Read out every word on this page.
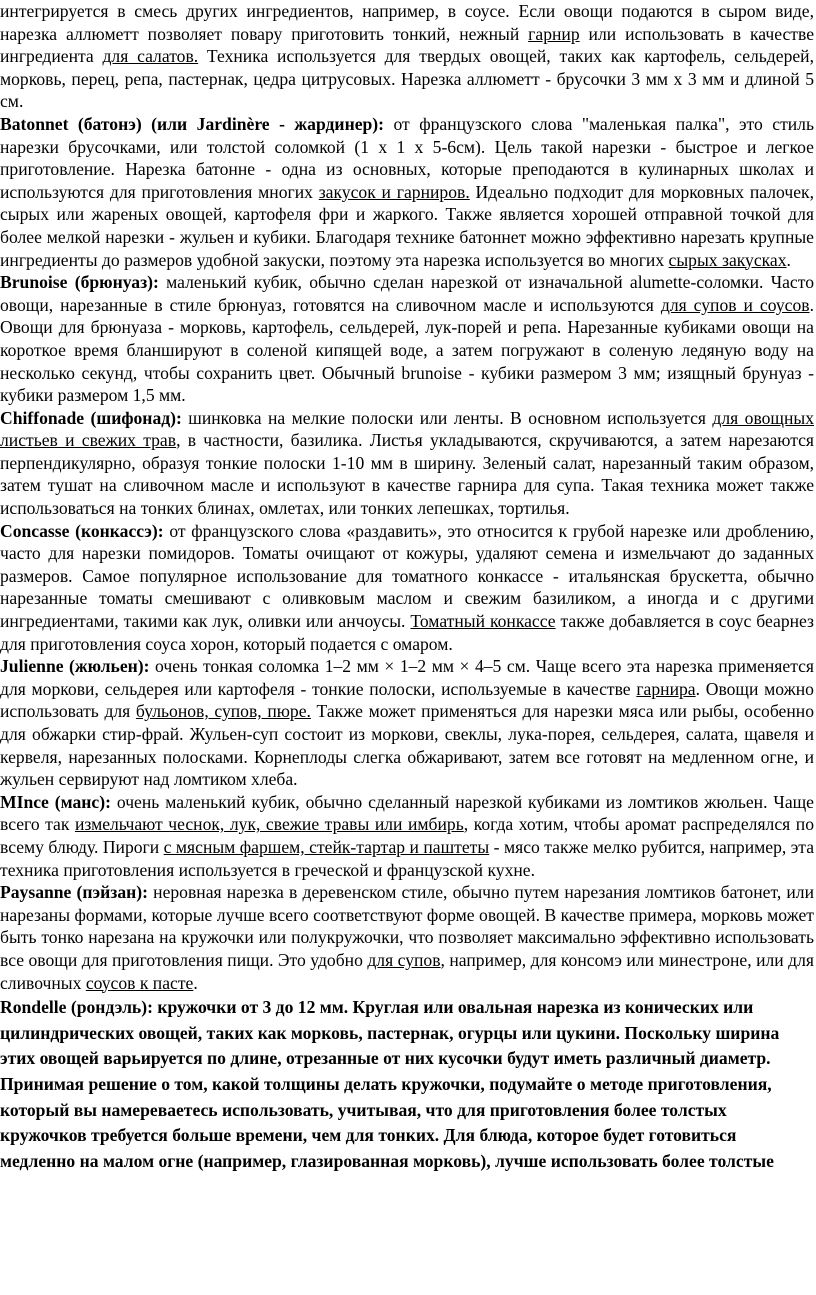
интегрируется в смесь других ингредиентов, например, в соусе. Если овощи подаются в сыром виде, нарезка аллюметт позволяет повару приготовить тонкий, нежный гарнир или использовать в качестве ингредиента для салатов. Техника используется для твердых овощей, таких как картофель, сельдерей, морковь, перец, репа, пастернак, цедра цитрусовых. Нарезка аллюметт - брусочки 3 мм х 3 мм и длиной 5 см.

Batonnet (батонэ) (или Jardinère - жардинер): от французского слова "маленькая палка", это стиль нарезки брусочками, или толстой соломкой (1 х 1 х 5-6см). Цель такой нарезки - быстрое и легкое приготовление. Нарезка батонне - одна из основных, которые преподаются в кулинарных школах и используются для приготовления многих закусок и гарниров. Идеально подходит для морковных палочек, сырых или жареных овощей, картофеля фри и жаркого. Также является хорошей отправной точкой для более мелкой нарезки - жульен и кубики. Благодаря технике батоннет можно эффективно нарезать крупные ингредиенты до размеров удобной закуски, поэтому эта нарезка используется во многих сырых закусках.

Brunoise (брюнуаз): маленький кубик, обычно сделан нарезкой от изначальной alumette-соломки. Часто овощи, нарезанные в стиле брюнуаз, готовятся на сливочном масле и используются для супов и соусов. Овощи для брюнуаза - морковь, картофель, сельдерей, лук-порей и репа. Нарезанные кубиками овощи на короткое время бланшируют в соленой кипящей воде, а затем погружают в соленую ледяную воду на несколько секунд, чтобы сохранить цвет. Обычный brunoise - кубики размером 3 мм; изящный брунуаз - кубики размером 1,5 мм.

Chiffonade (шифонад): шинковка на мелкие полоски или ленты. В основном используется для овощных листьев и свежих трав, в частности, базилика. Листья укладываются, скручиваются, а затем нарезаются перпендикулярно, образуя тонкие полоски 1-10 мм в ширину. Зеленый салат, нарезанный таким образом, затем тушат на сливочном масле и используют в качестве гарнира для супа. Такая техника может также использоваться на тонких блинах, омлетах, или тонких лепешках, тортилья.

Concasse (конкассэ): от французского слова «раздавить», это относится к грубой нарезке или дроблению, часто для нарезки помидоров. Томаты очищают от кожуры, удаляют семена и измельчают до заданных размеров. Самое популярное использование для томатного конкассе - итальянская брускетта, обычно нарезанные томаты смешивают с оливковым маслом и свежим базиликом, а иногда и с другими ингредиентами, такими как лук, оливки или анчоусы. Томатный конкассе также добавляется в соус беарнез для приготовления соуса хорон, который подается с омаром.

Julienne (жюльен): очень тонкая соломка 1–2 мм × 1–2 мм × 4–5 см. Чаще всего эта нарезка применяется для моркови, сельдерея или картофеля - тонкие полоски, используемые в качестве гарнира. Овощи можно использовать для бульонов, супов, пюре. Также может применяться для нарезки мяса или рыбы, особенно для обжарки стир-фрай. Жульен-суп состоит из моркови, свеклы, лука-порея, сельдерея, салата, щавеля и кервеля, нарезанных полосками. Корнеплоды слегка обжаривают, затем все готовят на медленном огне, и жульен сервируют над ломтиком хлеба.

MInce (манс): очень маленький кубик, обычно сделанный нарезкой кубиками из ломтиков жюльен. Чаще всего так измельчают чеснок, лук, свежие травы или имбирь, когда хотим, чтобы аромат распределялся по всему блюду. Пироги с мясным фаршем, стейк-тартар и паштеты - мясо также мелко рубится, например, эта техника приготовления используется в греческой и французской кухне.

Paysanne (пэйзан): неровная нарезка в деревенском стиле, обычно путем нарезания ломтиков батонет, или нарезаны формами, которые лучше всего соответствуют форме овощей. В качестве примера, морковь может быть тонко нарезана на кружочки или полукружочки, что позволяет максимально эффективно использовать все овощи для приготовления пищи. Это удобно для супов, например, для консомэ или минестроне, или для сливочных соусов к пасте.

Rondelle (рондэль): кружочки от 3 до 12 мм. Круглая или овальная нарезка из конических или цилиндрических овощей, таких как морковь, пастернак, огурцы или цукини. Поскольку ширина этих овощей варьируется по длине, отрезанные от них кусочки будут иметь различный диаметр. Принимая решение о том, какой толщины делать кружочки, подумайте о методе приготовления, который вы намереваетесь использовать, учитывая, что для приготовления более толстых кружочков требуется больше времени, чем для тонких. Для блюда, которое будет готовиться медленно на малом огне (например, глазированная морковь), лучше использовать более толстые
